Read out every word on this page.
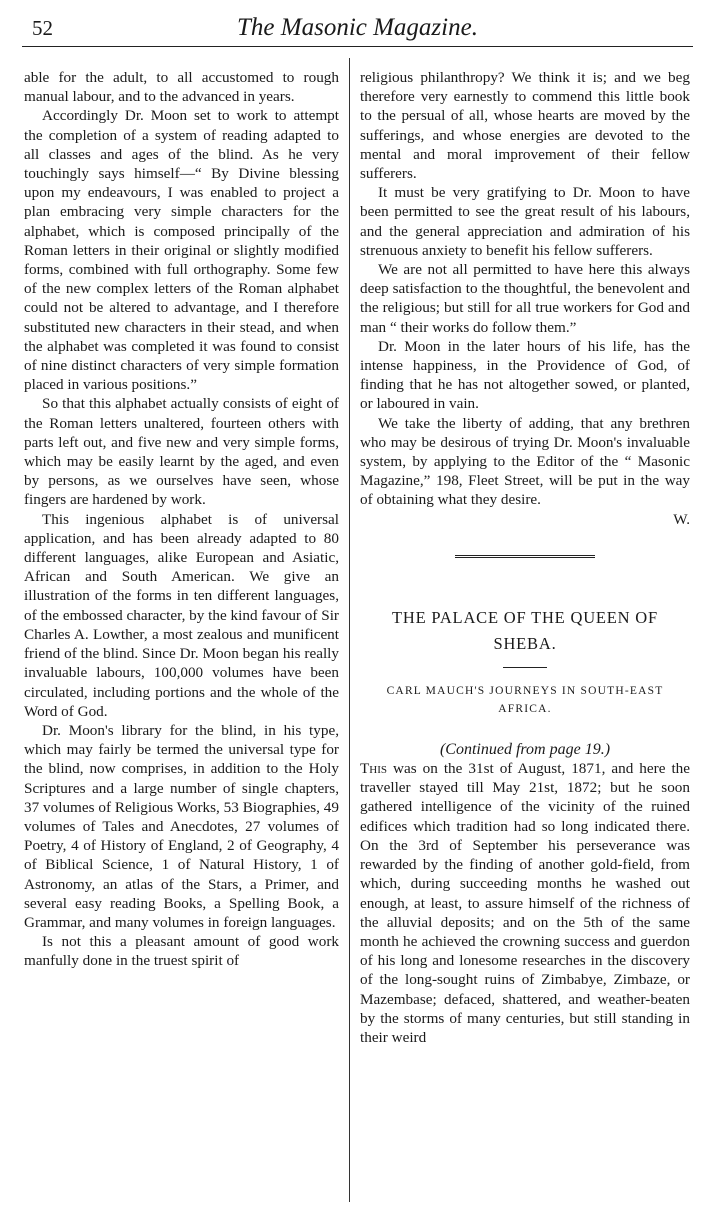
52	The Masonic Magazine.

able for the adult, to all accustomed to rough manual labour, and to the advanced in years.

Accordingly Dr. Moon set to work to attempt the completion of a system of reading adapted to all classes and ages of the blind. As he very touchingly says himself—“ By Divine blessing upon my endeavours, I was enabled to project a plan embracing very simple characters for the alphabet, which is composed principally of the Roman letters in their original or slightly modified forms, combined with full orthography. Some few of the new complex letters of the Roman alphabet could not be altered to advantage, and I therefore substituted new characters in their stead, and when the alphabet was completed it was found to consist of nine distinct characters of very simple formation placed in various positions.”

So that this alphabet actually consists of eight of the Roman letters unaltered, fourteen others with parts left out, and five new and very simple forms, which may be easily learnt by the aged, and even by persons, as we ourselves have seen, whose fingers are hardened by work.

This ingenious alphabet is of universal application, and has been already adapted to 80 different languages, alike European and Asiatic, African and South American. We give an illustration of the forms in ten different languages, of the embossed character, by the kind favour of Sir Charles A. Lowther, a most zealous and munificent friend of the blind. Since Dr. Moon began his really invaluable labours, 100,000 volumes have been circulated, including portions and the whole of the Word of God.

Dr. Moon's library for the blind, in his type, which may fairly be termed the universal type for the blind, now comprises, in addition to the Holy Scriptures and a large number of single chapters, 37 volumes of Religious Works, 53 Biographies, 49 volumes of Tales and Anecdotes, 27 volumes of Poetry, 4 of History of England, 2 of Geography, 4 of Biblical Science, 1 of Natural History, 1 of Astronomy, an atlas of the Stars, a Primer, and several easy reading Books, a Spelling Book, a Grammar, and many volumes in foreign languages.

Is not this a pleasant amount of good work manfully done in the truest spirit of

religious philanthropy? We think it is; and we beg therefore very earnestly to commend this little book to the persual of all, whose hearts are moved by the sufferings, and whose energies are devoted to the mental and moral improvement of their fellow sufferers.

It must be very gratifying to Dr. Moon to have been permitted to see the great result of his labours, and the general appreciation and admiration of his strenuous anxiety to benefit his fellow sufferers.

We are not all permitted to have here this always deep satisfaction to the thoughtful, the benevolent and the religious; but still for all true workers for God and man “ their works do follow them.”

Dr. Moon in the later hours of his life, has the intense happiness, in the Providence of God, of finding that he has not altogether sowed, or planted, or laboured in vain.

We take the liberty of adding, that any brethren who may be desirous of trying Dr. Moon's invaluable system, by applying to the Editor of the “ Masonic Magazine,” 198, Fleet Street, will be put in the way of obtaining what they desire.

W.

THE PALACE OF THE QUEEN OF SHEBA.
CARL MAUCH'S JOURNEYS IN SOUTH-EAST AFRICA.
(Continued from page 19.)

This was on the 31st of August, 1871, and here the traveller stayed till May 21st, 1872; but he soon gathered intelligence of the vicinity of the ruined edifices which tradition had so long indicated there. On the 3rd of September his perseverance was rewarded by the finding of another gold-field, from which, during succeeding months he washed out enough, at least, to assure himself of the richness of the alluvial deposits; and on the 5th of the same month he achieved the crowning success and guerdon of his long and lonesome researches in the discovery of the long-sought ruins of Zimbabye, Zimbaze, or Mazembase; defaced, shattered, and weather-beaten by the storms of many centuries, but still standing in their weird
